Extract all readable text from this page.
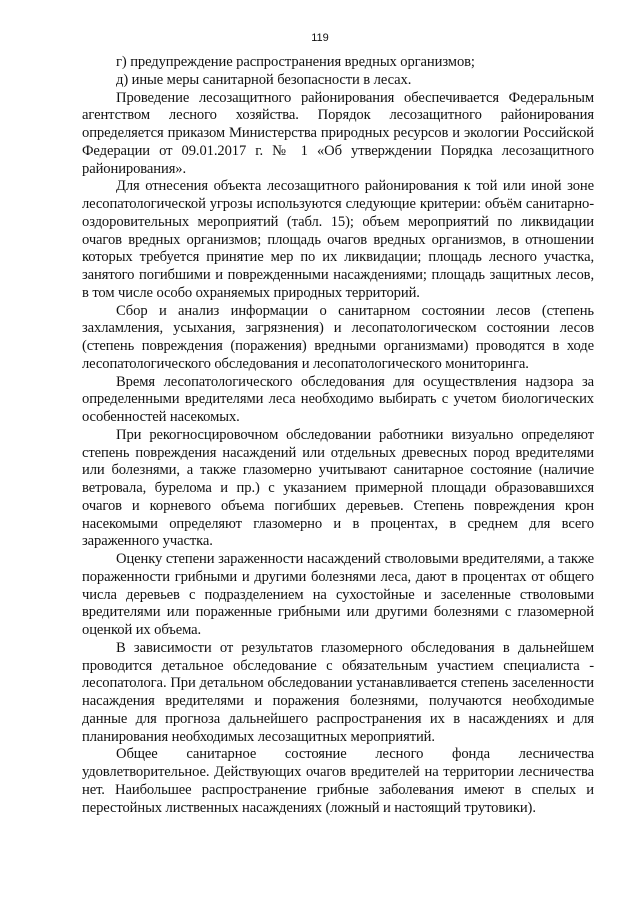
119

г) предупреждение распространения вредных организмов;

д) иные меры санитарной безопасности в лесах.

Проведение лесозащитного районирования обеспечивается Федеральным агентством лесного хозяйства. Порядок лесозащитного районирования определяется приказом Министерства природных ресурсов и экологии Российской Федерации от 09.01.2017 г. № 1 «Об утверждении Порядка лесозащитного районирования».

Для отнесения объекта лесозащитного районирования к той или иной зоне лесопатологической угрозы используются следующие критерии: объём санитарно-оздоровительных мероприятий (табл. 15); объем мероприятий по ликвидации очагов вредных организмов; площадь очагов вредных организмов, в отношении которых требуется принятие мер по их ликвидации; площадь лесного участка, занятого погибшими и поврежденными насаждениями; площадь защитных лесов, в том числе особо охраняемых природных территорий.

Сбор и анализ информации о санитарном состоянии лесов (степень захламления, усыхания, загрязнения) и лесопатологическом состоянии лесов (степень повреждения (поражения) вредными организмами) проводятся в ходе лесопатологического обследования и лесопатологического мониторинга.

Время лесопатологического обследования для осуществления надзора за определенными вредителями леса необходимо выбирать с учетом биологических особенностей насекомых.

При рекогносцировочном обследовании работники визуально определяют степень повреждения насаждений или отдельных древесных пород вредителями или болезнями, а также глазомерно учитывают санитарное состояние (наличие ветровала, бурелома и пр.) с указанием примерной площади образовавшихся очагов и корневого объема погибших деревьев. Степень повреждения крон насекомыми определяют глазомерно и в процентах, в среднем для всего зараженного участка.

Оценку степени зараженности насаждений стволовыми вредителями, а также пораженности грибными и другими болезнями леса, дают в процентах от общего числа деревьев с подразделением на сухостойные и заселенные стволовыми вредителями или пораженные грибными или другими болезнями с глазомерной оценкой их объема.

В зависимости от результатов глазомерного обследования в дальнейшем проводится детальное обследование с обязательным участием специалиста - лесопатолога. При детальном обследовании устанавливается степень заселенности насаждения вредителями и поражения болезнями, получаются необходимые данные для прогноза дальнейшего распространения их в насаждениях и для планирования необходимых лесозащитных мероприятий.

Общее санитарное состояние лесного фонда лесничества удовлетворительное. Действующих очагов вредителей на территории лесничества нет. Наибольшее распространение грибные заболевания имеют в спелых и перестойных лиственных насаждениях (ложный и настоящий трутовики).
